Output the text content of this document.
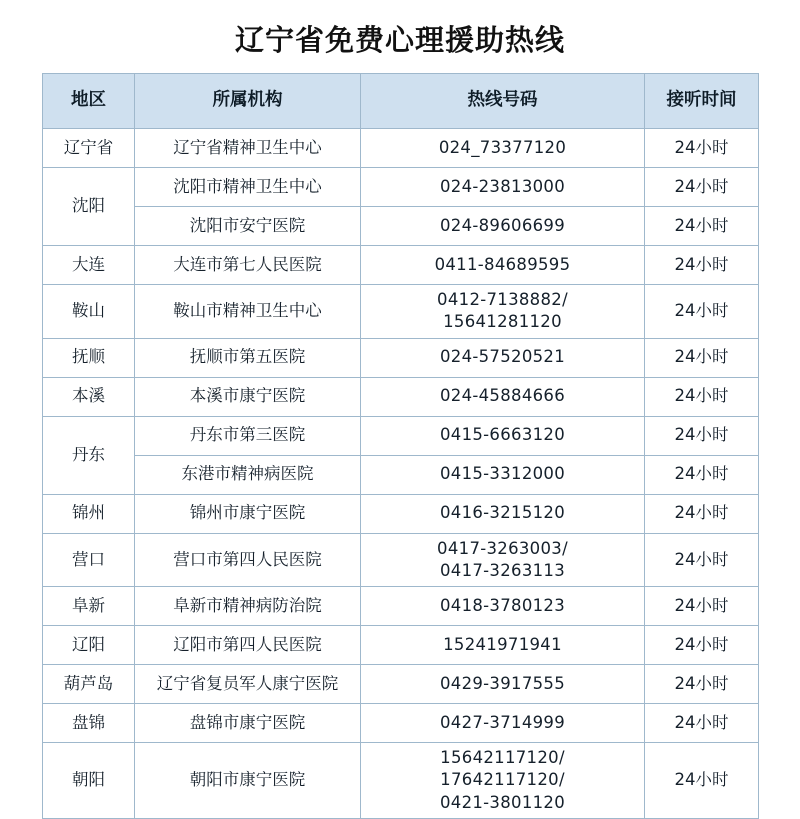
辽宁省免费心理援助热线
地区	所属机构	热线号码	接听时间
辽宁省	辽宁省精神卫生中心	024_73377120	24小时
沈阳	沈阳市精神卫生中心	024-23813000	24小时
	沈阳市安宁医院	024-89606699	24小时
大连	大连市第七人民医院	0411-84689595	24小时
鞍山	鞍山市精神卫生中心	0412-7138882/
15641281120	24小时
抚顺	抚顺市第五医院	024-57520521	24小时
本溪	本溪市康宁医院	024-45884666	24小时
丹东	丹东市第三医院	0415-6663120	24小时
	东港市精神病医院	0415-3312000	24小时
锦州	锦州市康宁医院	0416-3215120	24小时
营口	营口市第四人民医院	0417-3263003/
0417-3263113	24小时
阜新	阜新市精神病防治院	0418-3780123	24小时
辽阳	辽阳市第四人民医院	15241971941	24小时
葫芦岛	辽宁省复员军人康宁医院	0429-3917555	24小时
盘锦	盘锦市康宁医院	0427-3714999	24小时
朝阳	朝阳市康宁医院	15642117120/
17642117120/
0421-3801120	24小时
